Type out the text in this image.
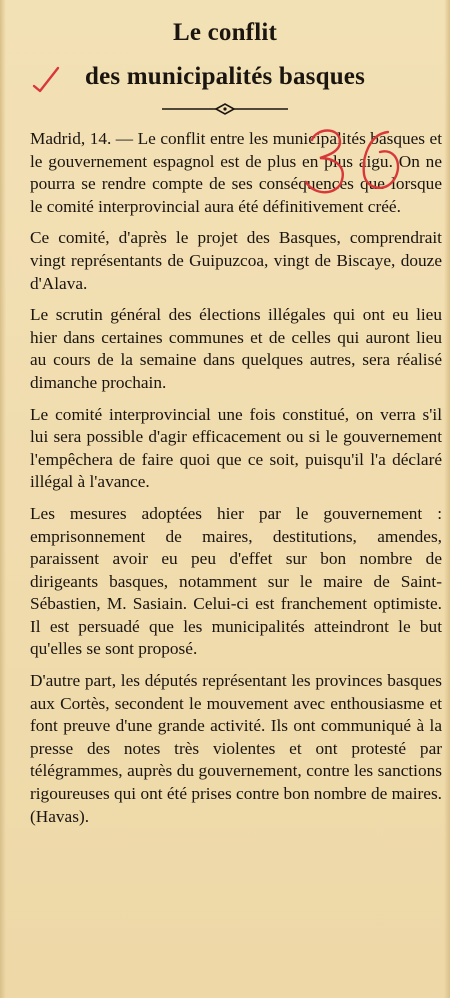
Le conflit
des municipalités basques

Madrid, 14. — Le conflit entre les municipalités basques et le gouvernement espagnol est de plus en plus aigu. On ne pourra se rendre compte de ses conséquences que lorsque le comité interprovincial aura été définitivement créé.

Ce comité, d'après le projet des Basques, comprendrait vingt représentants de Guipuzcoa, vingt de Biscaye, douze d'Alava.

Le scrutin général des élections illégales qui ont eu lieu hier dans certaines communes et de celles qui auront lieu au cours de la semaine dans quelques autres, sera réalisé dimanche prochain.

Le comité interprovincial une fois constitué, on verra s'il lui sera possible d'agir efficacement ou si le gouvernement l'empêchera de faire quoi que ce soit, puisqu'il l'a déclaré illégal à l'avance.

Les mesures adoptées hier par le gouvernement : emprisonnement de maires, destitutions, amendes, paraissent avoir eu peu d'effet sur bon nombre de dirigeants basques, notamment sur le maire de Saint-Sébastien, M. Sasiain. Celui-ci est franchement optimiste. Il est persuadé que les municipalités atteindront le but qu'elles se sont proposé.

D'autre part, les députés représentant les provinces basques aux Cortès, secondent le mouvement avec enthousiasme et font preuve d'une grande activité. Ils ont communiqué à la presse des notes très violentes et ont protesté par télégrammes, auprès du gouvernement, contre les sanctions rigoureuses qui ont été prises contre bon nombre de maires. (Havas).
